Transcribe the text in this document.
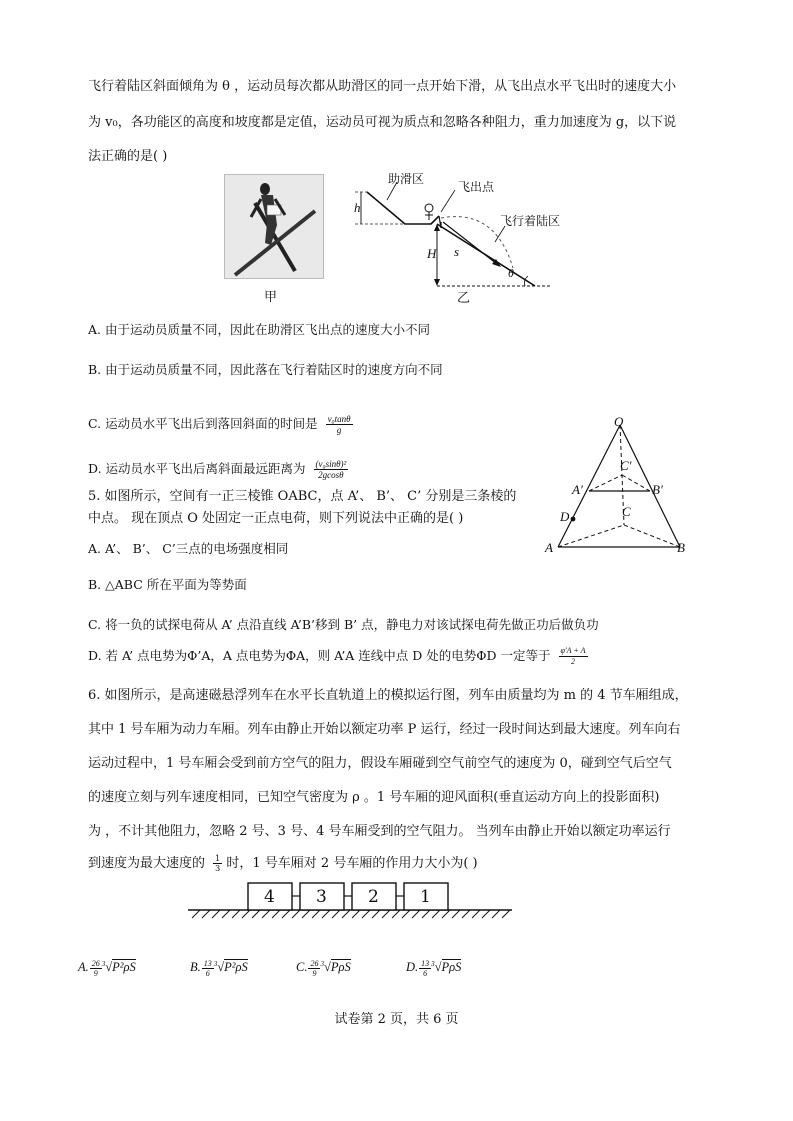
飞行着陆区斜面倾角为 θ ，运动员每次都从助滑区的同一点开始下滑，从飞出点水平飞出时的速度大小
为 v₀，各功能区的高度和坡度都是定值，运动员可视为质点和忽略各种阻力，重力加速度为 g，以下说
法正确的是( )
甲
助滑区
飞出点
飞行着陆区
h
H s
θ
乙
A. 由于运动员质量不同，因此在助滑区飞出点的速度大小不同
B. 由于运动员质量不同，因此落在飞行着陆区时的速度方向不同
C. 运动员水平飞出后到落回斜面的时间是 $\frac{\text{v₀tanθ}}{g}$
D. 运动员水平飞出后离斜面最远距离为 $\frac{\text{(v₀sinθ)²}}{2gcos\theta}$
5. 如图所示，空间有一正三棱锥 OABC，点 A’、 B’、 C’ 分别是三条棱的
中点。 现在顶点 O 处固定一正点电荷，则下列说法中正确的是( )
O
C′
A′	B′
D	C
A	B
A. A’、 B’、 C’三点的电场强度相同
B. △ABC 所在平面为等势面
C. 将一负的试探电荷从 A’ 点沿直线 A’B’移到 B’ 点，静电力对该试探电荷先做正功后做负功
D. 若 A’ 点电势为Φ’A，A 点电势为ΦA，则 A’A 连线中点 D 处的电势ΦD 一定等于 $\frac{\varphi'A + A}{2}$
6. 如图所示，是高速磁悬浮列车在水平长直轨道上的模拟运行图，列车由质量均为 m 的 4 节车厢组成，
其中 1 号车厢为动力车厢。列车由静止开始以额定功率 P 运行，经过一段时间达到最大速度。列车向右
运动过程中，1 号车厢会受到前方空气的阻力，假设车厢碰到空气前空气的速度为 0，碰到空气后空气
的速度立刻与列车速度相同，已知空气密度为 ρ 。1 号车厢的迎风面积(垂直运动方向上的投影面积)
为 ，不计其他阻力，忽略 2 号、3 号、4 号车厢受到的空气阻力。 当列车由静止开始以额定功率运行
到速度为最大速度的 $\frac{1}{3}$ 时，1 号车厢对 2 号车厢的作用力大小为( )
4 3 2 1
A. $\frac{26}{9} ^3√P^2\rho S$	B. $\frac{13}{6} ^3√P^2\rho S$	C. $\frac{26}{9} ^3√P\rho S$	D. $\frac{13}{6} ^3√P\rho S$
试卷第 2 页，共 6 页
